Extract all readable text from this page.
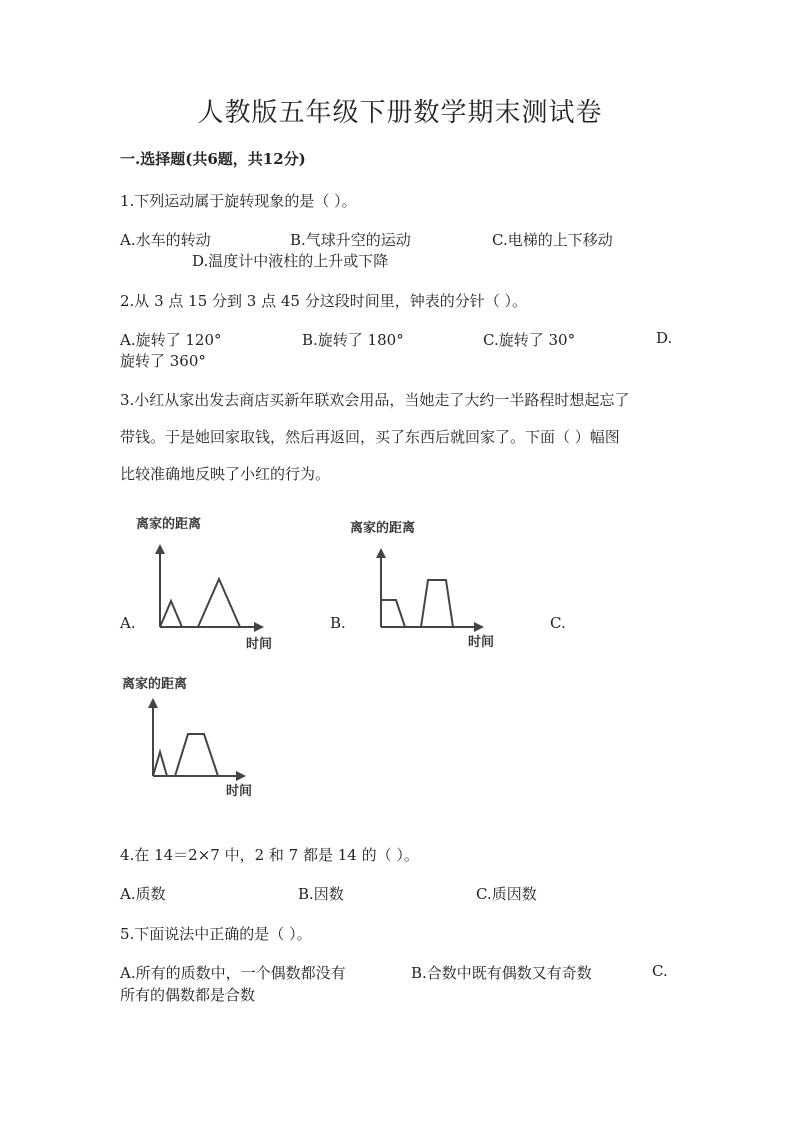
人教版五年级下册数学期末测试卷
一.选择题(共6题，共12分)
1.下列运动属于旋转现象的是（ ）。
A.水车的转动	B.气球升空的运动	C.电梯的上下移动
D.温度计中液柱的上升或下降
2.从 3 点 15 分到 3 点 45 分这段时间里，钟表的分针（ ）。
A.旋转了 120°	B.旋转了 180°	C.旋转了 30°	D.
旋转了 360°
3.小红从家出发去商店买新年联欢会用品，当她走了大约一半路程时想起忘了
带钱。于是她回家取钱，然后再返回，买了东西后就回家了。下面（ ）幅图
比较准确地反映了小红的行为。
A.	B.	C.
离家的距离
时间
离家的距离
时间
离家的距离
时间
4.在 14＝2×7 中，2 和 7 都是 14 的（ ）。
A.质数	B.因数	C.质因数
5.下面说法中正确的是（ ）。
A.所有的质数中，一个偶数都没有	B.合数中既有偶数又有奇数	C.
所有的偶数都是合数
